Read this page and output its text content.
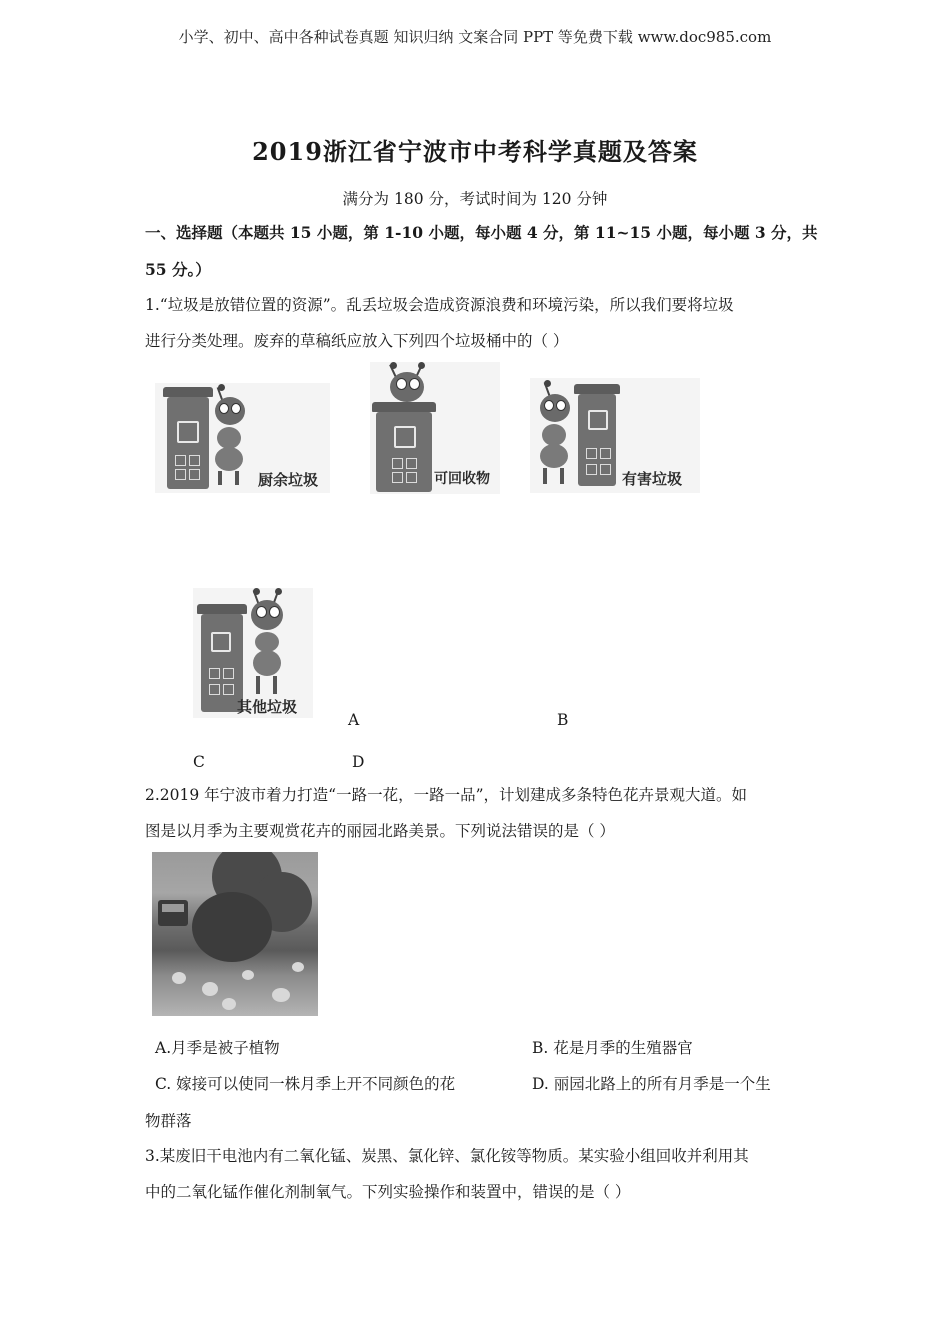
小学、初中、高中各种试卷真题 知识归纳 文案合同 PPT 等免费下载 www.doc985.com
2019浙江省宁波市中考科学真题及答案
满分为 180 分，考试时间为 120 分钟
一、选择题（本题共 15 小题，第 1-10 小题，每小题 4 分，第 11~15 小题，每小题 3 分，共
55 分。）
1.“垃圾是放错位置的资源”。乱丢垃圾会造成资源浪费和环境污染，所以我们要将垃圾
进行分类处理。废弃的草稿纸应放入下列四个垃圾桶中的（ ）
厨余垃圾	可回收物	有害垃圾
其他垃圾
A	B
C	D
2.2019 年宁波市着力打造“一路一花，一路一品”，计划建成多条特色花卉景观大道。如
图是以月季为主要观赏花卉的丽园北路美景。下列说法错误的是（ ）
A.月季是被子植物	B. 花是月季的生殖器官
C. 嫁接可以使同一株月季上开不同颜色的花	D. 丽园北路上的所有月季是一个生
物群落
3.某废旧干电池内有二氧化锰、炭黑、氯化锌、氯化铵等物质。某实验小组回收并利用其
中的二氧化锰作催化剂制氧气。下列实验操作和装置中，错误的是（ ）
